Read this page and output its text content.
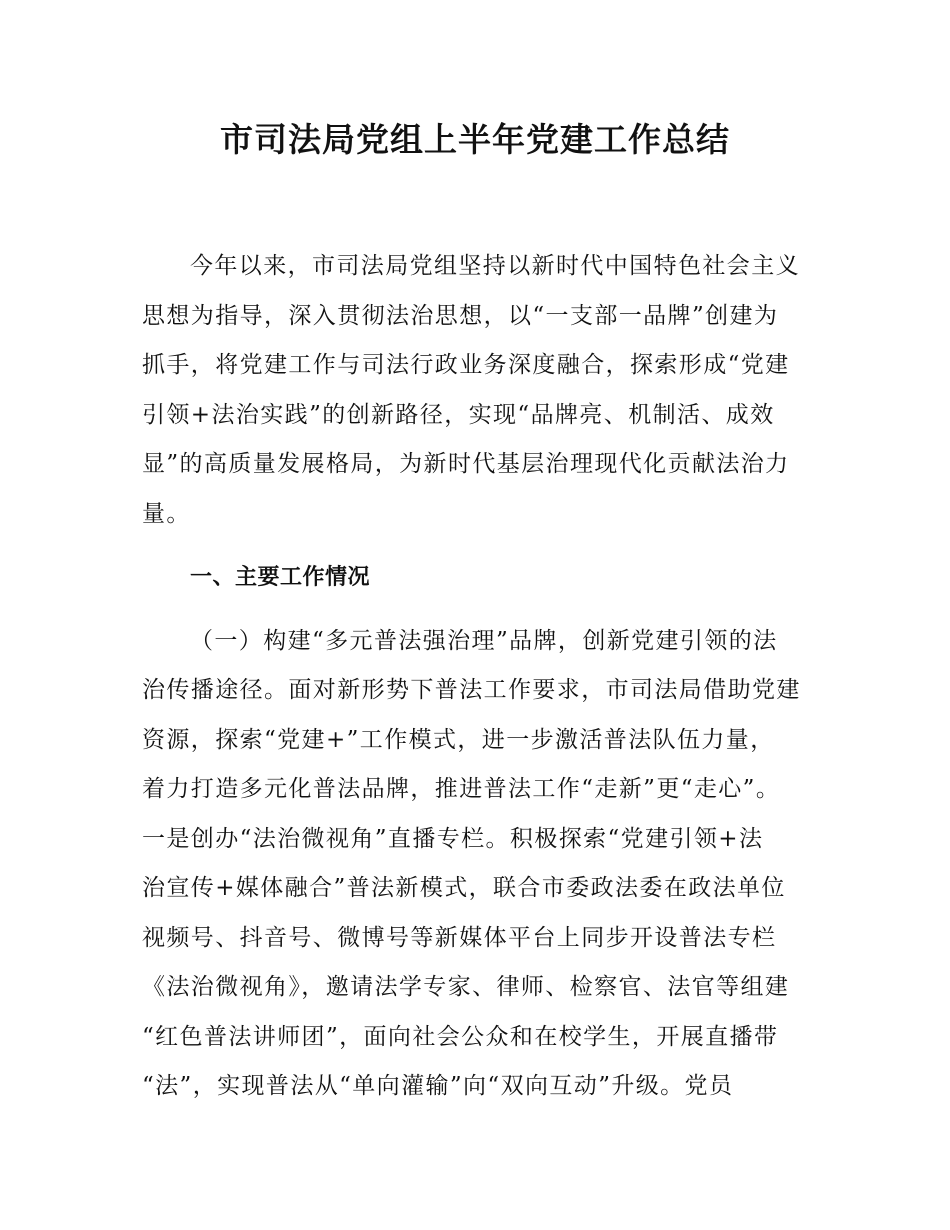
市司法局党组上半年党建工作总结
今年以来，市司法局党组坚持以新时代中国特色社会主义
思想为指导，深入贯彻法治思想，以“一支部一品牌”创建为
抓手，将党建工作与司法行政业务深度融合，探索形成“党建
引领+法治实践”的创新路径，实现“品牌亮、机制活、成效
显”的高质量发展格局，为新时代基层治理现代化贡献法治力
量。
一、主要工作情况
（一）构建“多元普法强治理”品牌，创新党建引领的法
治传播途径。面对新形势下普法工作要求，市司法局借助党建
资源，探索“党建+”工作模式，进一步激活普法队伍力量，
着力打造多元化普法品牌，推进普法工作“走新”更“走心”。
一是创办“法治微视角”直播专栏。积极探索“党建引领+法
治宣传+媒体融合”普法新模式，联合市委政法委在政法单位
视频号、抖音号、微博号等新媒体平台上同步开设普法专栏
《法治微视角》，邀请法学专家、律师、检察官、法官等组建
“红色普法讲师团”，面向社会公众和在校学生，开展直播带
“法”，实现普法从“单向灌输”向“双向互动”升级。党员
